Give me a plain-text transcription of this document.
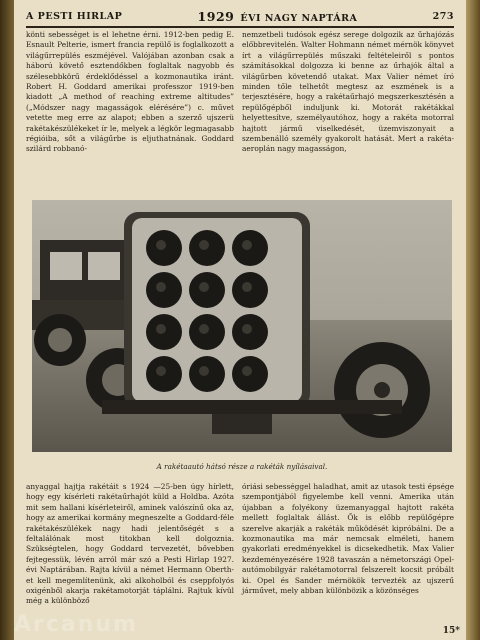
A PESTI HIRLAP	1929 ÉVI NAGY NAPTÁRA	273

könti sebességet is el lehetne érni. 1912-ben pedig E. Esnault Pelterie, ismert francia repülő is foglalkozott a világűrrepülés eszméjével. Valójában azonban csak a háború követő esztendőkben foglaltak nagyobb és szélesebbkörű érdeklődéssel a kozmonautika iránt. Robert H. Goddard amerikai professzor 1919-ben kiadott „A method of reaching extreme altitudes” („Módszer nagy magasságok elérésére”) c. művet vetette meg erre az alapot; ebben a szerző ujszerü rakétakészülékeket ír le, melyek a légkör legmagasabb régióiba, sőt a világűrbe is eljuthatnának. Goddard szilárd robbanó-

nemzetbeli tudósok egész serege dolgozik az űrhajózás előbbrevitelén. Walter Hohmann német mérnök könyvet írt a világűrrepülés műszaki feltételeiről s pontos számításokkal dolgozza ki benne az űrhajók által a világűrben követendő utakat. Max Valier német író minden tőle telhetőt megtesz az eszmének is a terjesztésére, hogy a rakétaűrhajó megszerkesztésén a repülőgépből induljunk ki. Motorát rakétákkal helyettesítve, személyautóhoz, hogy a rakéta motorral hajtott jármű viselkedését, üzemviszonyait a szembenálló személy gyakorolt hatását. Mert a rakéta-aeroplán nagy magasságon,

A rakétaautó hátsó része a rakéták nyílásaival.

anyaggal hajtja rakétáit s 1924 —25-ben úgy hírlett, hogy egy kísérleti rakétaűrhajót küld a Holdba. Azóta mit sem hallani kísérleteiről, aminek valószínű oka az, hogy az amerikai kormány megneszelte a Goddard-féle rakétakészülékek nagy hadi jelentőségét s a feltalálónak most titokban kell dolgoznia. Szükségtelen, hogy Goddard tervezetét, bővebben fejtegessük, lévén arról már szó a Pesti Hirlap 1927. évi Naptárában. Rajta kívül a német Hermann Oberth-et kell megemlítenünk, aki alkoholból és cseppfolyós oxigénből akarja rakétamotorját táplálni. Rajtuk kívül még a különböző

óriási sebességgel haladhat, amit az utasok testi épsége szempontjából figyelembe kell venni. Amerika után újabban a folyékony üzemanyaggal hajtott rakéta mellett foglaltak állást. Ők is előbb repülőgépre szerelve akarják a rakéták működését kipróbálni. De a kozmonautika ma már nemcsak elméleti, hanem gyakorlati eredményekkel is dicsekedhetik. Max Valier kezdeményezésére 1928 tavaszán a németországi Opel-autómobilgyár rakétamotorral felszerelt kocsit próbált ki. Opel és Sander mérnökök tervezték az ujszerű járművet, mely abban különbözik a közönséges

15*
Arcanum
